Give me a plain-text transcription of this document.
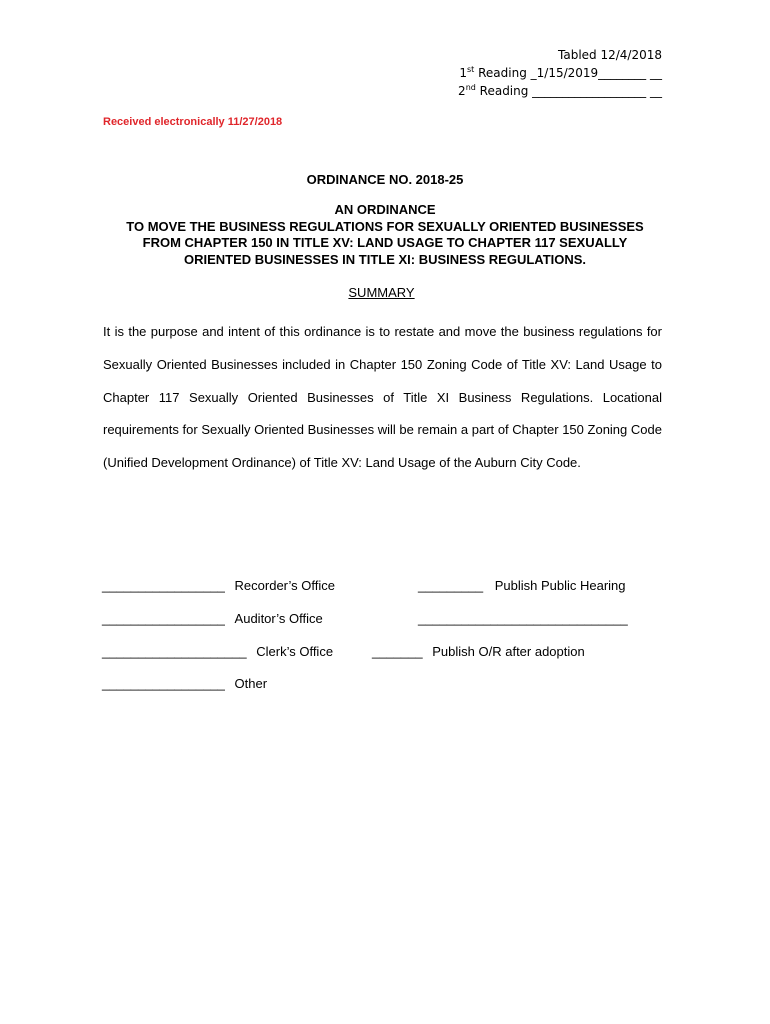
Tabled 12/4/2018
1st Reading _1/15/2019________ __
2nd Reading ___________________ __
Received electronically 11/27/2018
ORDINANCE NO. 2018-25
AN ORDINANCE
TO MOVE THE BUSINESS REGULATIONS FOR SEXUALLY ORIENTED BUSINESSES
FROM CHAPTER 150 IN TITLE XV: LAND USAGE TO CHAPTER 117 SEXUALLY
ORIENTED BUSINESSES IN TITLE XI: BUSINESS REGULATIONS.
SUMMARY
It is the purpose and intent of this ordinance is to restate and move the business regulations for Sexually Oriented Businesses included in Chapter 150 Zoning Code of Title XV: Land Usage to Chapter 117 Sexually Oriented Businesses of Title XI Business Regulations. Locational requirements for Sexually Oriented Businesses will be remain a part of Chapter 150 Zoning Code (Unified Development Ordinance) of Title XV: Land Usage of the Auburn City Code.
_________________ Recorder’s Office
_________________ Auditor’s Office
____________________ Clerk’s Office
_________________ Other
_________ Publish Public Hearing
_____________________________
_______ Publish O/R after adoption
